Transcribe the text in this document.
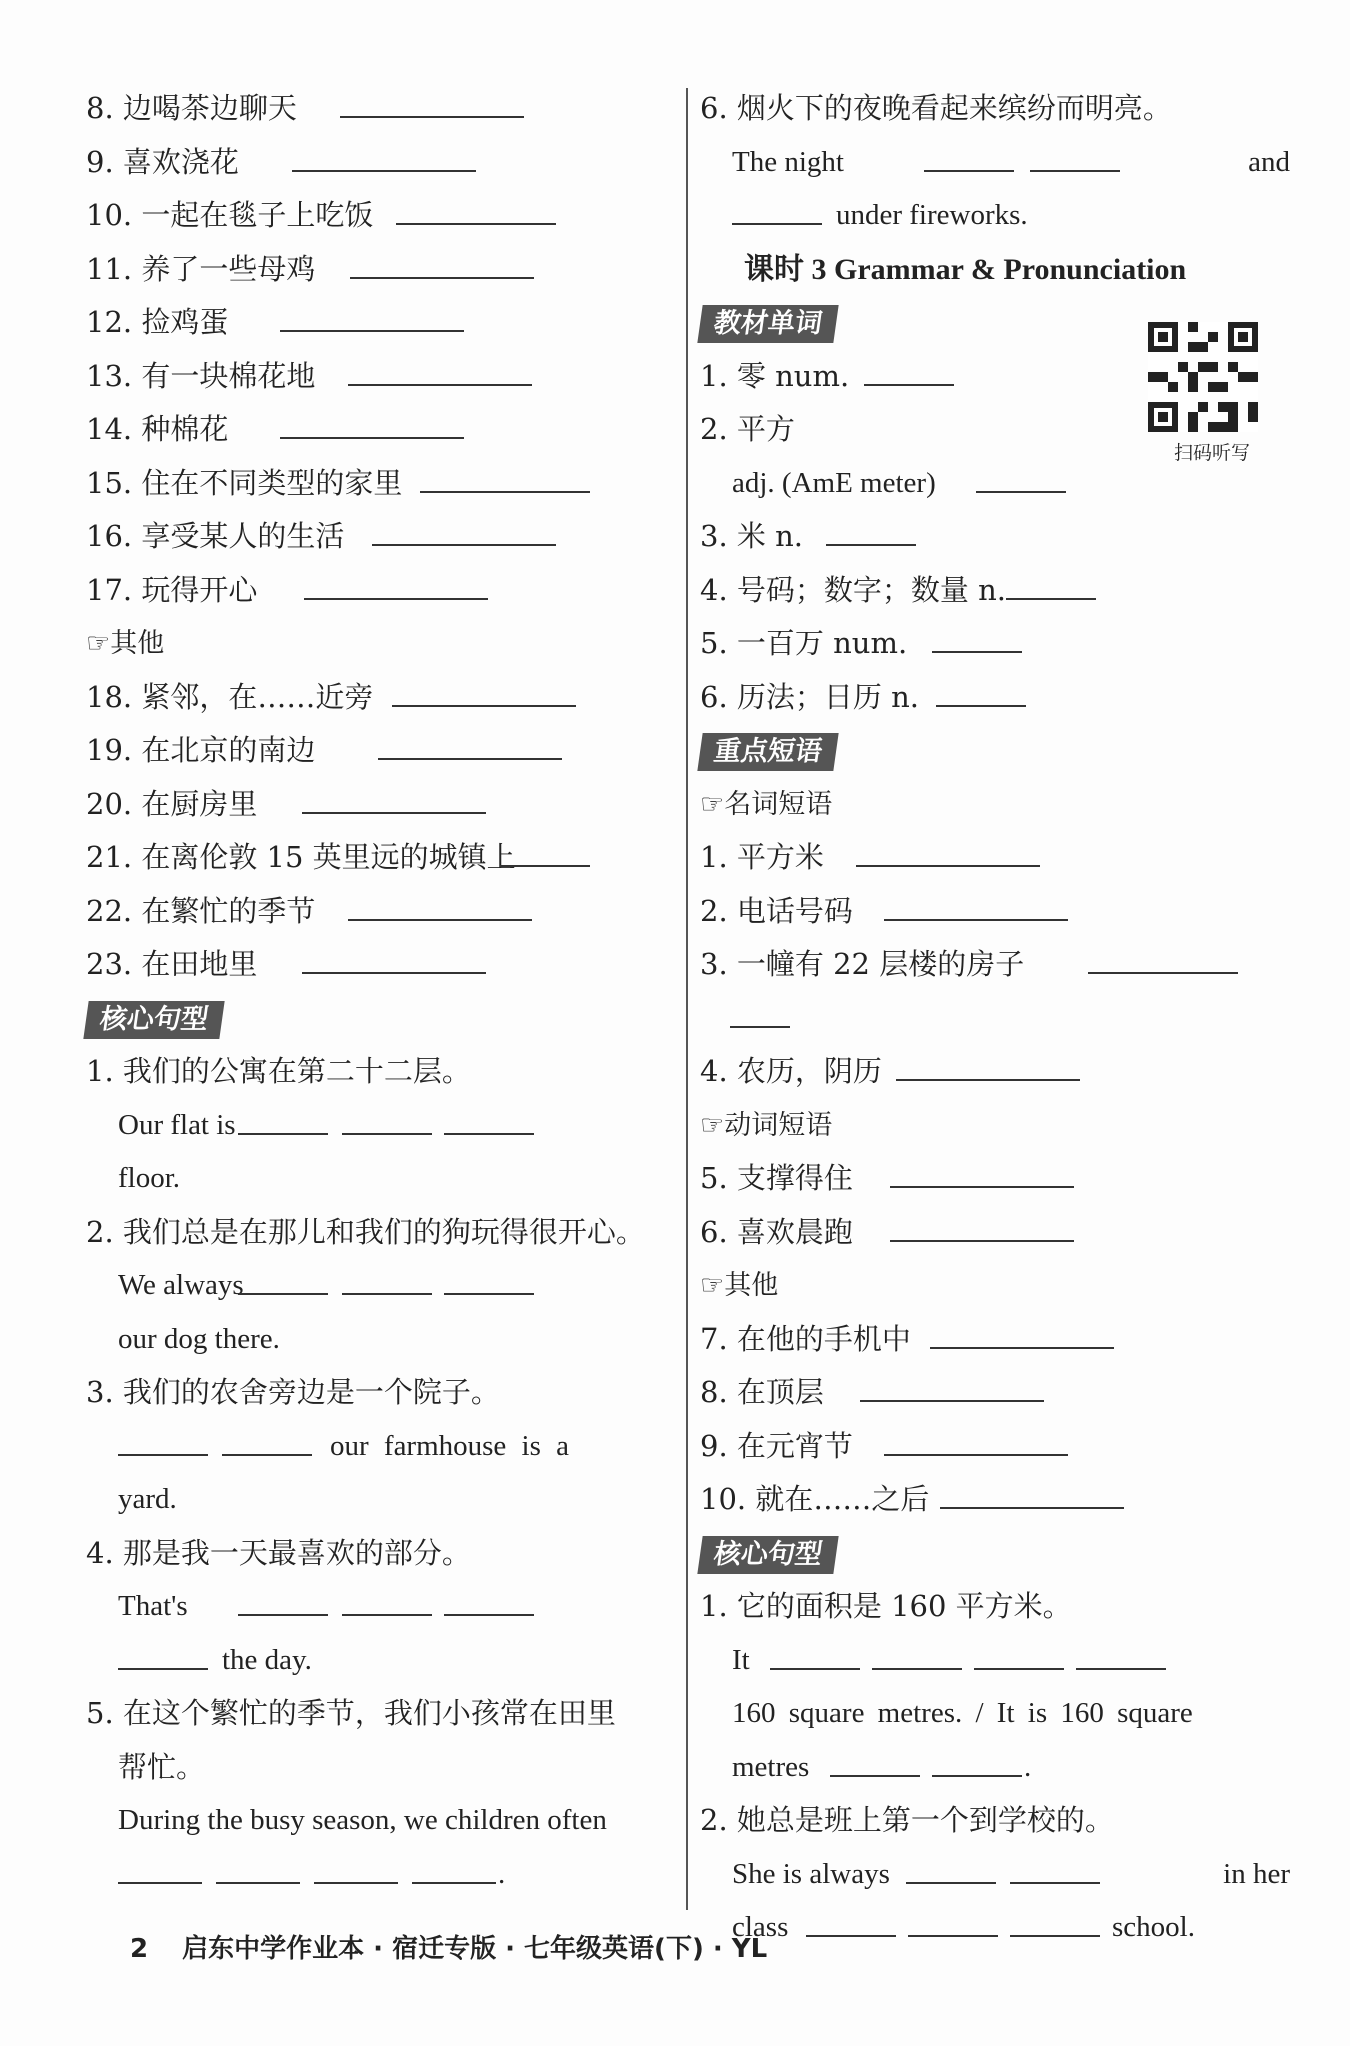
8. 边喝茶边聊天
9. 喜欢浇花
10. 一起在毯子上吃饭
11. 养了一些母鸡
12. 捡鸡蛋
13. 有一块棉花地
14. 种棉花
15. 住在不同类型的家里
16. 享受某人的生活
17. 玩得开心
☞其他
18. 紧邻，在……近旁
19. 在北京的南边
20. 在厨房里
21. 在离伦敦 15 英里远的城镇上
22. 在繁忙的季节
23. 在田地里
核心句型
1. 我们的公寓在第二十二层。
Our flat is
floor.
2. 我们总是在那儿和我们的狗玩得很开心。
We always
our dog there.
3. 我们的农舍旁边是一个院子。
our farmhouse is a
yard.
4. 那是我一天最喜欢的部分。
That's
the day.
5. 在这个繁忙的季节，我们小孩常在田里
帮忙。
During the busy season, we children often
.
6. 烟火下的夜晚看起来缤纷而明亮。
The night	and
under fireworks.
课时 3 Grammar & Pronunciation
教材单词
1. 零 num.
2. 平方
adj. (AmE meter)
3. 米 n.
4. 号码；数字；数量 n.
5. 一百万 num.
6. 历法；日历 n.
重点短语
☞名词短语
1. 平方米
2. 电话号码
3. 一幢有 22 层楼的房子
4. 农历，阴历
☞动词短语
5. 支撑得住
6. 喜欢晨跑
☞其他
7. 在他的手机中
8. 在顶层
9. 在元宵节
10. 就在……之后
核心句型
1. 它的面积是 160 平方米。
It
160 square metres. / It is 160 square
metres	.
2. 她总是班上第一个到学校的。
She is always	in her
class	school.
扫码听写
2 启东中学作业本 · 宿迁专版 · 七年级英语(下) · YL
